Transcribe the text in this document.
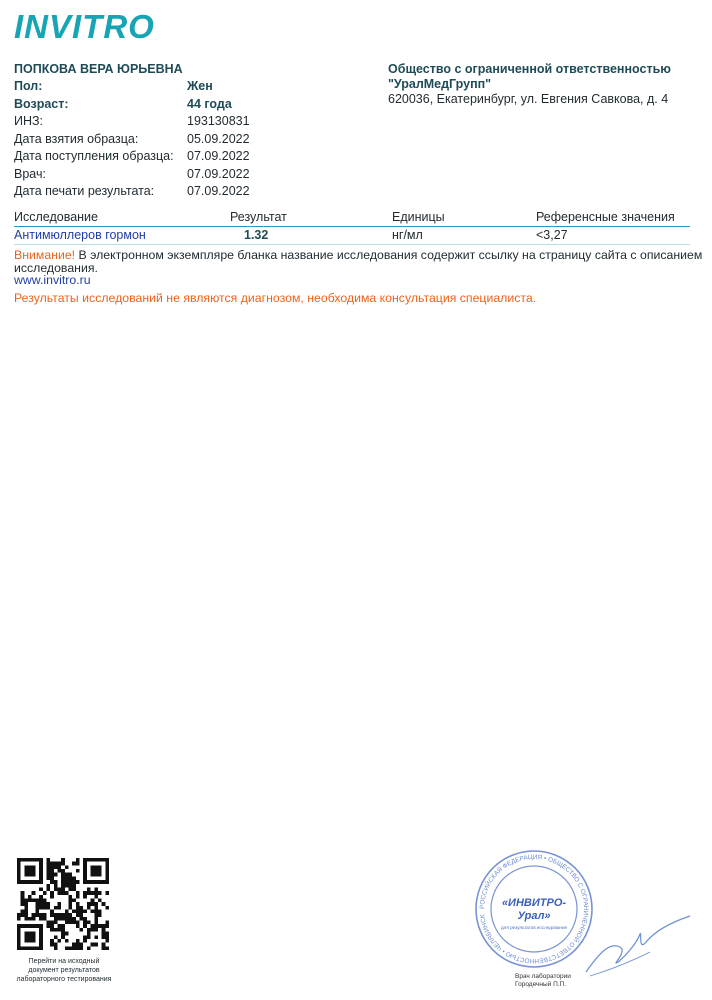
INVITRO
ПОПКОВА ВЕРА ЮРЬЕВНА
Пол:	Жен
Возраст:	44 года
ИНЗ:	193130831
Дата взятия образца:	05.09.2022
Дата поступления образца:	07.09.2022
Врач:	07.09.2022
Дата печати результата:	07.09.2022
Общество с ограниченной ответственностью
"УралМедГрупп"
620036, Екатеринбург, ул. Евгения Савкова, д. 4
Исследование	Результат	Единицы	Референсные значения
Антимюллеров гормон	1.32	нг/мл	<3,27
Внимание! В электронном экземпляре бланка название исследования содержит ссылку на страницу сайта с описанием исследования.
www.invitro.ru
Результаты исследований не являются диагнозом, необходима консультация специалиста.
Перейти на исходный документ результатов лабораторного тестирования
РОССИЙСКАЯ ФЕДЕРАЦИЯ • ОБЩЕСТВО С ОГРАНИЧЕННОЙ ОТВЕТСТВЕННОСТЬЮ • ЧЕЛЯБИНСК
«ИНВИТРО-
Урал»
для результатов исследования
Врач лаборатории
Городечный П.П.
